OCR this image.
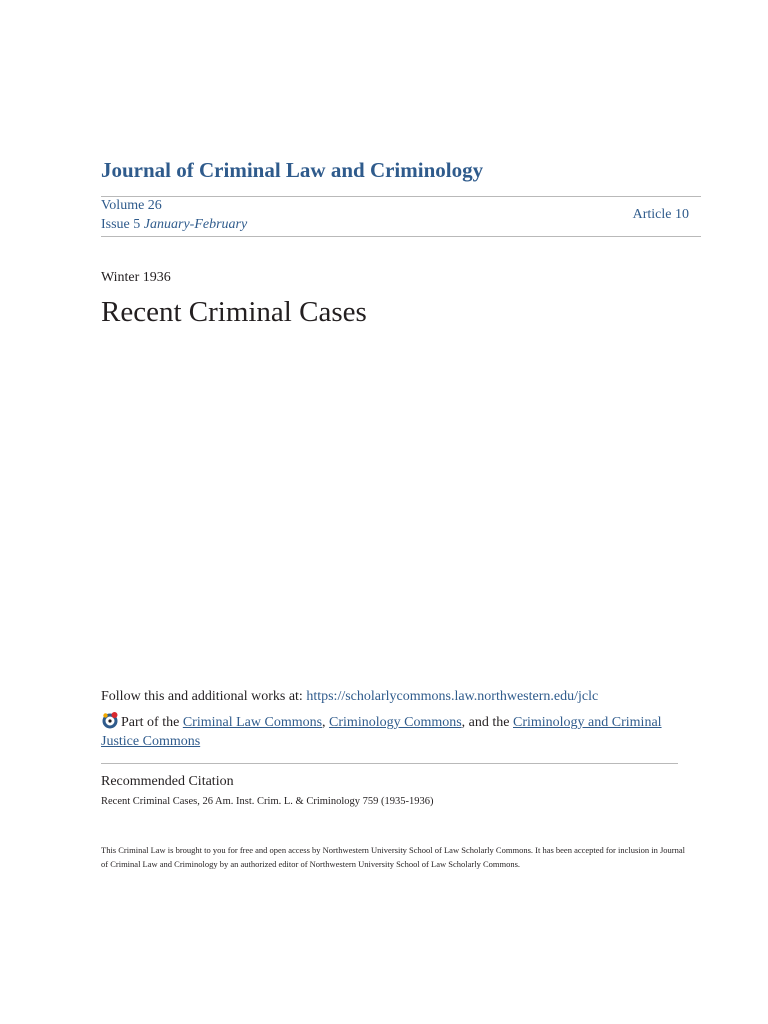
Journal of Criminal Law and Criminology
Volume 26
Issue 5 January-February
Article 10
Winter 1936
Recent Criminal Cases
Follow this and additional works at: https://scholarlycommons.law.northwestern.edu/jclc
Part of the Criminal Law Commons, Criminology Commons, and the Criminology and Criminal Justice Commons
Recommended Citation
Recent Criminal Cases, 26 Am. Inst. Crim. L. & Criminology 759 (1935-1936)
This Criminal Law is brought to you for free and open access by Northwestern University School of Law Scholarly Commons. It has been accepted for inclusion in Journal of Criminal Law and Criminology by an authorized editor of Northwestern University School of Law Scholarly Commons.
